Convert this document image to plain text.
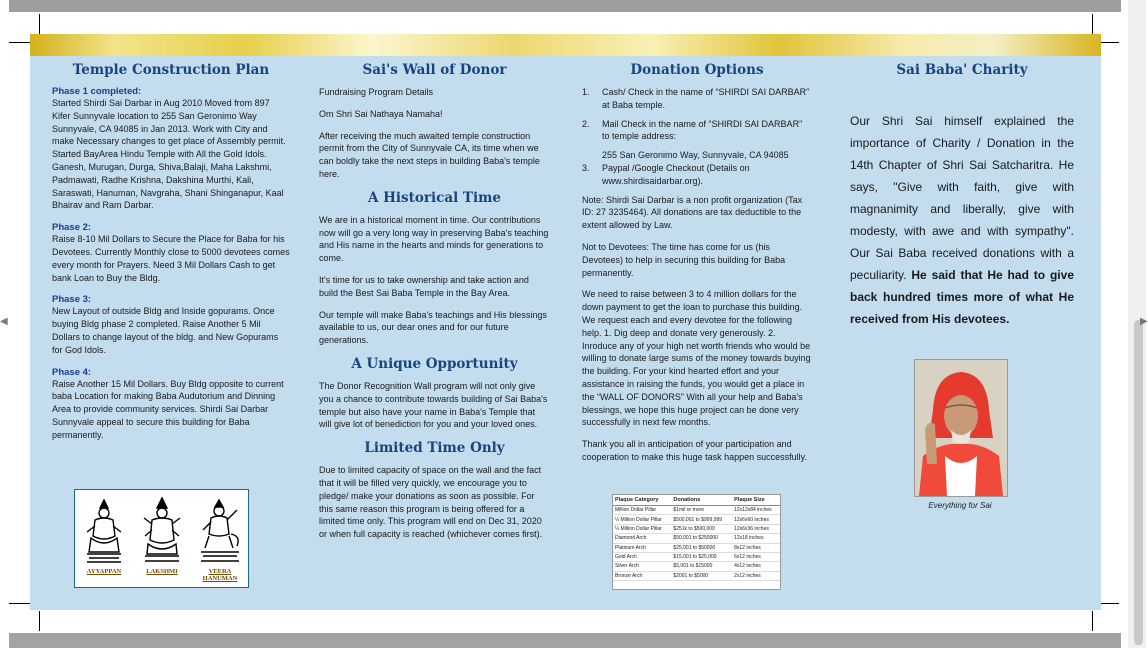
◀	▶
Temple Construction Plan
Phase 1 completed:
Started Shirdi Sai Darbar in Aug 2010 Moved from 897 Kifer Sunnyvale location to 255 San Geronimo Way Sunnyvale, CA 94085 in Jan 2013. Work with City and make Necessary changes to get place of Assembly permit. Started BayArea Hindu Temple with All the Gold Idols. Ganesh, Murugan, Durga, Shiva,Balaji, Maha Lakshmi, Padmawati, Radhe Krishna, Dakshina Murthi, Kali, Saraswati, Hanuman, Navgraha, Shani Shinganapur, Kaal Bhairav and Ram Darbar.
Phase 2:
Raise 8-10 Mil Dollars to Secure the Place for Baba for his Devotees. Currently Monthly close to 5000 devotees comes every month for Prayers. Need 3 Mil Dollars Cash to get bank Loan to Buy the Bldg.
Phase 3:
New Layout of outside Bldg and Inside gopurams. Once buying Bldg phase 2 completed. Raise Another 5 Mil Dollars to change layout of the bldg. and New Gopurams for God Idols.
Phase 4:
Raise Another 15 Mil Dollars. Buy Bldg opposite to current baba Location for making Baba Audutorium and Dinning Area to provide community services. Shirdi Sai Darbar Sunnyvale appeal to secure this building for Baba permanently.
AYYAPPAN	LAKSHMI	VEERA HANUMAN
Sai's Wall of Donor

Fundraising Program Details

Om Shri Sai Nathaya Namaha!

After receiving the much awaited temple construction permit from the City of Sunnyvale CA, its time when we can boldly take the next steps in building Baba's temple here.

A Historical Time

We are in a historical moment in time. Our contributions now will go a very long way in preserving Baba's teaching and His name in the hearts and minds for generations to come.

It's time for us to take ownership and take action and build the Best Sai Baba Temple in the Bay Area.

Our temple will make Baba's teachings and His blessings available to us, our dear ones and for our future generations.

A Unique Opportunity

The Donor Recognition Wall program will not only give you a chance to contribute towards building of Sai Baba's temple but also have your name in Baba's Temple that will give lot of benediction for you and your loved ones.

Limited Time Only

Due to limited capacity of space on the wall and the fact that it will be filled very quickly, we encourage you to pledge/ make your donations as soon as possible. For this same reason this program is being offered for a limited time only. This program will end on Dec 31, 2020 or when full capacity is reached (whichever comes first).

Donation Options
1. Cash/ Check in the name of “SHIRDI SAI DARBAR” at Baba temple.
2. Mail Check in the name of “SHIRDI SAI DARBAR” to temple address:
255 San Geronimo Way, Sunnyvale, CA 94085
3. Paypal /Google Checkout (Details on www.shirdisaidarbar.org).

Note: Shirdi Sai Darbar is a non profit organization (Tax ID: 27 3235464). All donations are tax deductible to the extent allowed by Law.

Not to Devotees: The time has come for us (his Devotees) to help in securing this building for Baba permanently.

We need to raise between 3 to 4 million dollars for the down payment to get the loan to purchase this building. We request each and every devotee for the following help. 1. Dig deep and donate very generously. 2. Inroduce any of your high net worth friends who would be willing to donate large sums of the money towards buying the building. For your kind hearted effort and your assistance in raising the funds, you would get a place in the “WALL OF DONORS” With all your help and Baba's blessings, we hope this huge project can be done very successfully in next few months.

Thank you all in anticipation of your participation and cooperation to make this huge task happen successfully.

Plaque Category	Donations	Plaque Size
Million Dollar Pillar	$1mil or more	12x12x84 inches
½ Million Dollar Pillar	$500,001 to $999,999	12x6x60 inches
¼ Million Dollar Pillar	$251k to $500,000	12x6x36 inches
Diamond Arch	$50,001 to $250000	12x18 inches
Platinum Arch	$25,001 to $50000	8x12 inches
Gold Arch	$15,001 to $25,000	6x12 inches
Silver Arch	$5,001 to $15000	4x12 inches
Bronze Arch	$2001 to $5000	2x12 inches
Sai Baba' Charity

Our Shri Sai himself explained the importance of Charity / Donation in the 14th Chapter of Shri Sai Satcharitra. He says, "Give with faith, give with magnanimity and liberally, give with modesty, with awe and with sympathy". Our Sai Baba received donations with a peculiarity. He said that He had to give back hundred times more of what He received from His devotees.

Everything for Sai
